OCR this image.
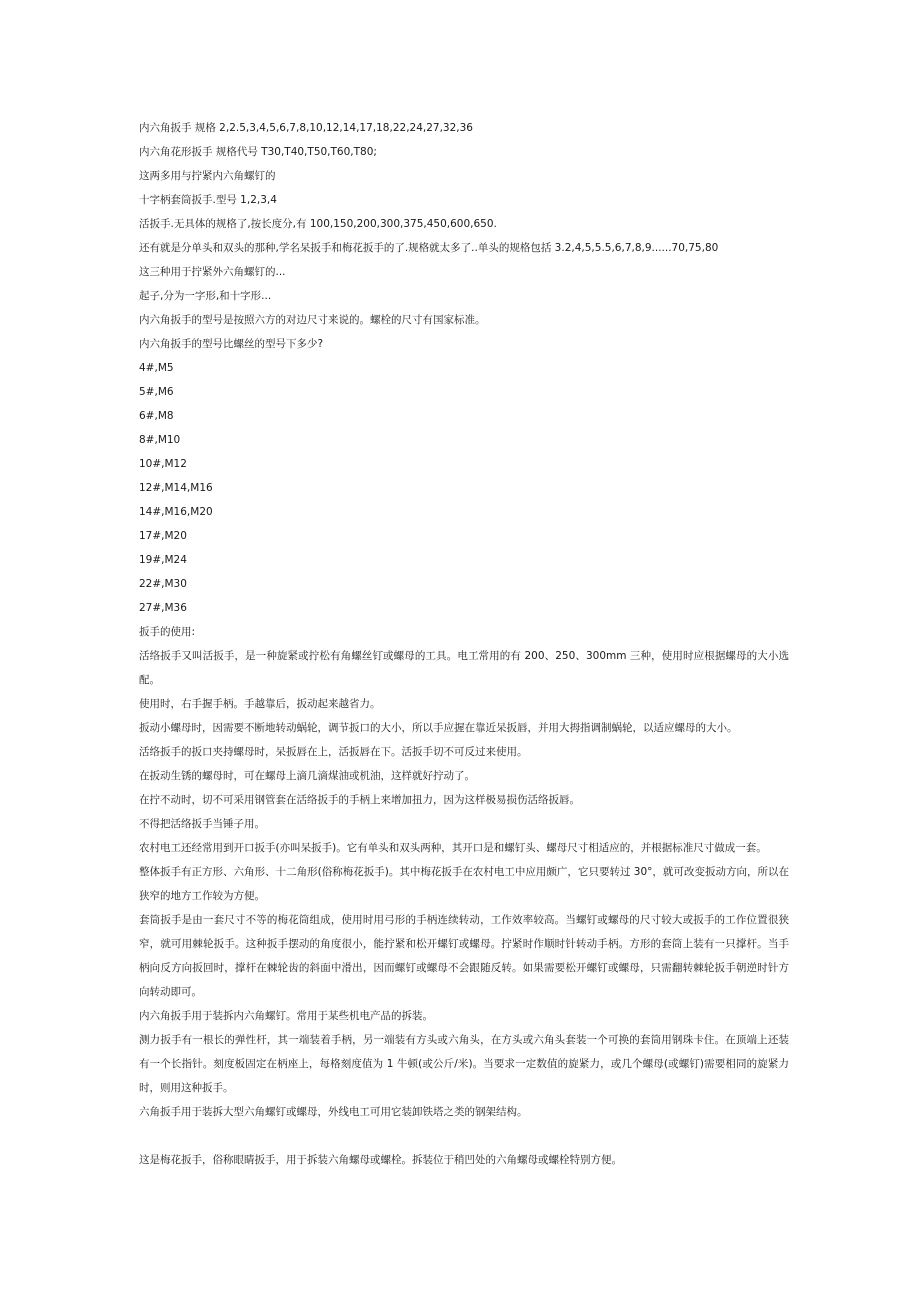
内六角扳手 规格 2,2.5,3,4,5,6,7,8,10,12,14,17,18,22,24,27,32,36

内六角花形扳手 规格代号 T30,T40,T50,T60,T80;

这两多用与拧紧内六角螺钉的

十字柄套筒扳手.型号 1,2,3,4

活扳手.无具体的规格了,按长度分,有 100,150,200,300,375,450,600,650.

还有就是分单头和双头的那种,学名呆扳手和梅花扳手的了.规格就太多了..单头的规格包括 3.2,4,5,5.5,6,7,8,9......70,75,80

这三种用于拧紧外六角螺钉的...

起子,分为一字形,和十字形...

内六角扳手的型号是按照六方的对边尺寸来说的。螺栓的尺寸有国家标准。

内六角扳手的型号比螺丝的型号下多少?

4#,M5

5#,M6

6#,M8

8#,M10

10#,M12

12#,M14,M16

14#,M16,M20

17#,M20

19#,M24

22#,M30

27#,M36

扳手的使用:

活络扳手又叫活扳手，是一种旋紧或拧松有角螺丝钉或螺母的工具。电工常用的有 200、250、300mm 三种，使用时应根据螺母的大小选配。

使用时，右手握手柄。手越靠后，扳动起来越省力。

扳动小螺母时，因需要不断地转动蜗轮，调节扳口的大小，所以手应握在靠近呆扳唇，并用大拇指调制蜗轮，以适应螺母的大小。

活络扳手的扳口夹持螺母时，呆扳唇在上，活扳唇在下。活扳手切不可反过来使用。

在扳动生锈的螺母时，可在螺母上滴几滴煤油或机油，这样就好拧动了。

在拧不动时，切不可采用钢管套在活络扳手的手柄上来增加扭力，因为这样极易损伤活络扳唇。

不得把活络扳手当锤子用。

农村电工还经常用到开口扳手(亦叫呆扳手)。它有单头和双头两种，其开口是和螺钉头、螺母尺寸相适应的，并根据标准尺寸做成一套。

整体扳手有正方形、六角形、十二角形(俗称梅花扳手)。其中梅花扳手在农村电工中应用颇广，它只要转过 30°，就可改变扳动方向，所以在狭窄的地方工作较为方便。

套筒扳手是由一套尺寸不等的梅花筒组成，使用时用弓形的手柄连续转动，工作效率较高。当螺钉或螺母的尺寸较大或扳手的工作位置很狭窄，就可用棘轮扳手。这种扳手摆动的角度很小，能拧紧和松开螺钉或螺母。拧紧时作顺时针转动手柄。方形的套筒上装有一只撑杆。当手柄向反方向扳回时，撑杆在棘轮齿的斜面中滑出，因而螺钉或螺母不会跟随反转。如果需要松开螺钉或螺母，只需翻转棘轮扳手朝逆时针方向转动即可。

内六角扳手用于装拆内六角螺钉。常用于某些机电产品的拆装。

测力扳手有一根长的弹性杆，其一端装着手柄，另一端装有方头或六角头，在方头或六角头套装一个可换的套筒用钢珠卡住。在顶端上还装有一个长指针。刻度板固定在柄座上，每格刻度值为 1 牛顿(或公斤/米)。当要求一定数值的旋紧力，或几个螺母(或螺钉)需要相同的旋紧力时，则用这种扳手。

六角扳手用于装拆大型六角螺钉或螺母，外线电工可用它装卸铁塔之类的钢架结构。

这是梅花扳手，俗称眼睛扳手，用于拆装六角螺母或螺栓。拆装位于稍凹处的六角螺母或螺栓特别方便。
